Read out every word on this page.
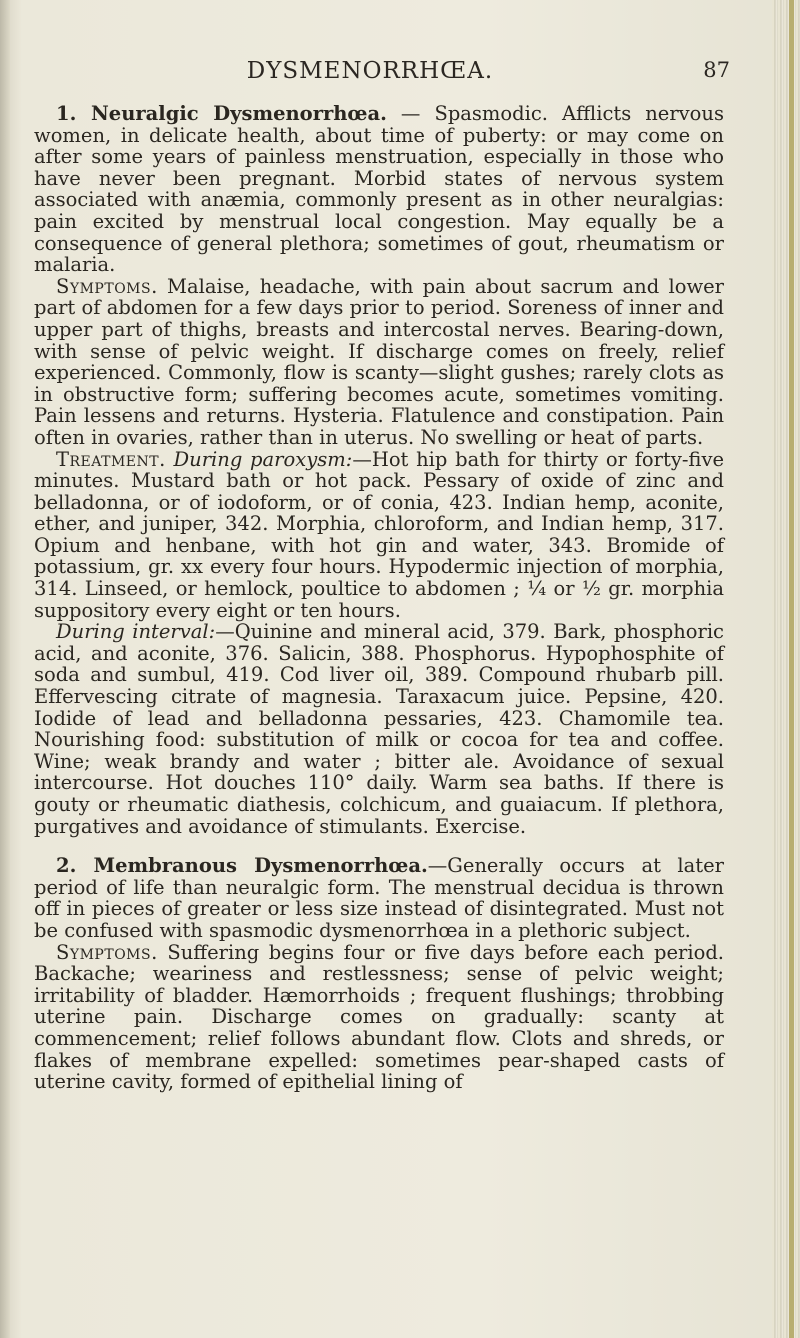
DYSMENORRHŒA.	87

1. Neuralgic Dysmenorrhœa. — Spasmodic. Afflicts nervous women, in delicate health, about time of puberty: or may come on after some years of painless menstruation, especially in those who have never been pregnant. Morbid states of nervous system associated with anæmia, commonly present as in other neuralgias: pain excited by menstrual local congestion. May equally be a consequence of general plethora; sometimes of gout, rheumatism or malaria.

Symptoms. Malaise, headache, with pain about sacrum and lower part of abdomen for a few days prior to period. Soreness of inner and upper part of thighs, breasts and intercostal nerves. Bearing-down, with sense of pelvic weight. If discharge comes on freely, relief experienced. Commonly, flow is scanty—slight gushes; rarely clots as in obstructive form; suffering becomes acute, sometimes vomiting. Pain lessens and returns. Hysteria. Flatulence and constipation. Pain often in ovaries, rather than in uterus. No swelling or heat of parts.

Treatment. During paroxysm:—Hot hip bath for thirty or forty-five minutes. Mustard bath or hot pack. Pessary of oxide of zinc and belladonna, or of iodoform, or of conia, 423. Indian hemp, aconite, ether, and juniper, 342. Morphia, chloroform, and Indian hemp, 317. Opium and henbane, with hot gin and water, 343. Bromide of potassium, gr. xx every four hours. Hypodermic injection of morphia, 314. Linseed, or hemlock, poultice to abdomen ; ¼ or ½ gr. morphia suppository every eight or ten hours.

During interval:—Quinine and mineral acid, 379. Bark, phosphoric acid, and aconite, 376. Salicin, 388. Phosphorus. Hypophosphite of soda and sumbul, 419. Cod liver oil, 389. Compound rhubarb pill. Effervescing citrate of magnesia. Taraxacum juice. Pepsine, 420. Iodide of lead and belladonna pessaries, 423. Chamomile tea. Nourishing food: substitution of milk or cocoa for tea and coffee. Wine; weak brandy and water ; bitter ale. Avoidance of sexual intercourse. Hot douches 110° daily. Warm sea baths. If there is gouty or rheumatic diathesis, colchicum, and guaiacum. If plethora, purgatives and avoidance of stimulants. Exercise.

2. Membranous Dysmenorrhœa.—Generally occurs at later period of life than neuralgic form. The menstrual decidua is thrown off in pieces of greater or less size instead of disintegrated. Must not be confused with spasmodic dysmenorrhœa in a plethoric subject.

Symptoms. Suffering begins four or five days before each period. Backache; weariness and restlessness; sense of pelvic weight; irritability of bladder. Hæmorrhoids ; frequent flushings; throbbing uterine pain. Discharge comes on gradually: scanty at commencement; relief follows abundant flow. Clots and shreds, or flakes of membrane expelled: sometimes pear-shaped casts of uterine cavity, formed of epithelial lining of
